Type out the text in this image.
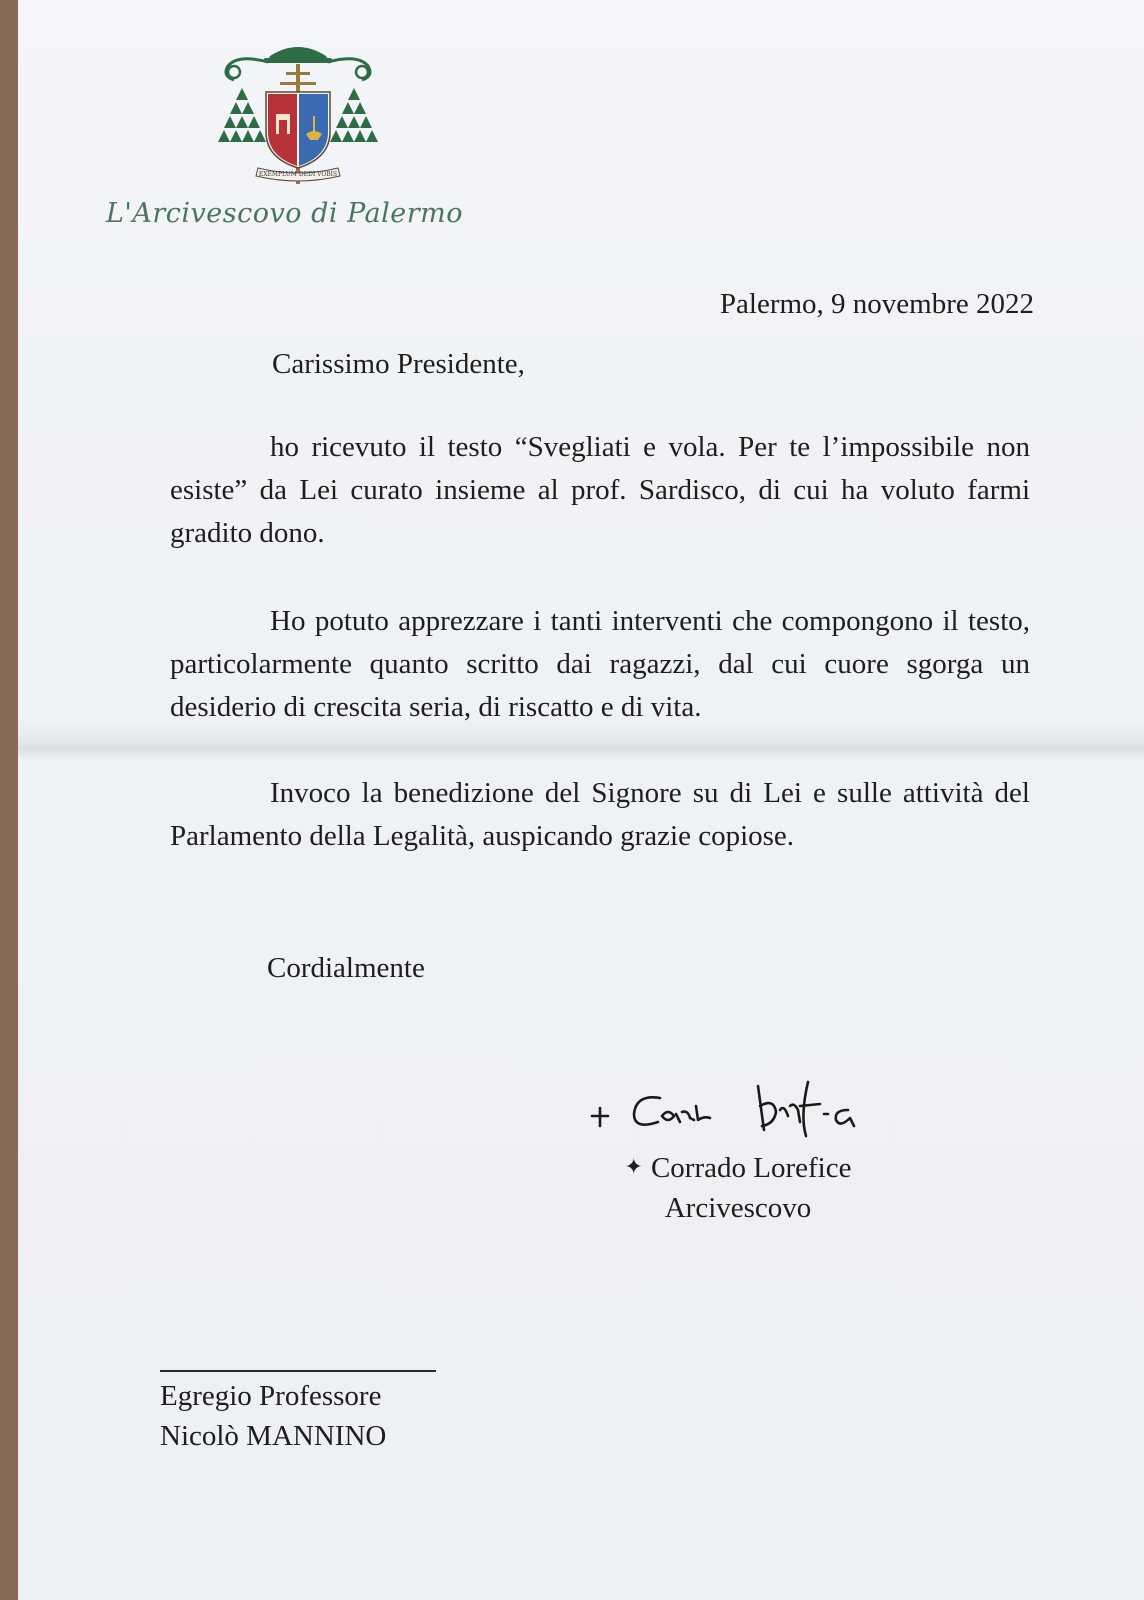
EXEMPLUM DEDI VOBIS
L'Arcivescovo di Palermo
Palermo, 9 novembre 2022
Carissimo Presidente,

ho ricevuto il testo “Svegliati e vola. Per te l’impossibile non esiste” da Lei curato insieme al prof. Sardisco, di cui ha voluto farmi gradito dono.

Ho potuto apprezzare i tanti interventi che compongono il testo, particolarmente quanto scritto dai ragazzi, dal cui cuore sgorga un desiderio di crescita seria, di riscatto e di vita.

Invoco la benedizione del Signore su di Lei e sulle attività del Parlamento della Legalità, auspicando grazie copiose.

Cordialmente
✦ Corrado Lorefice
Arcivescovo
Egregio Professore
Nicolò MANNINO
